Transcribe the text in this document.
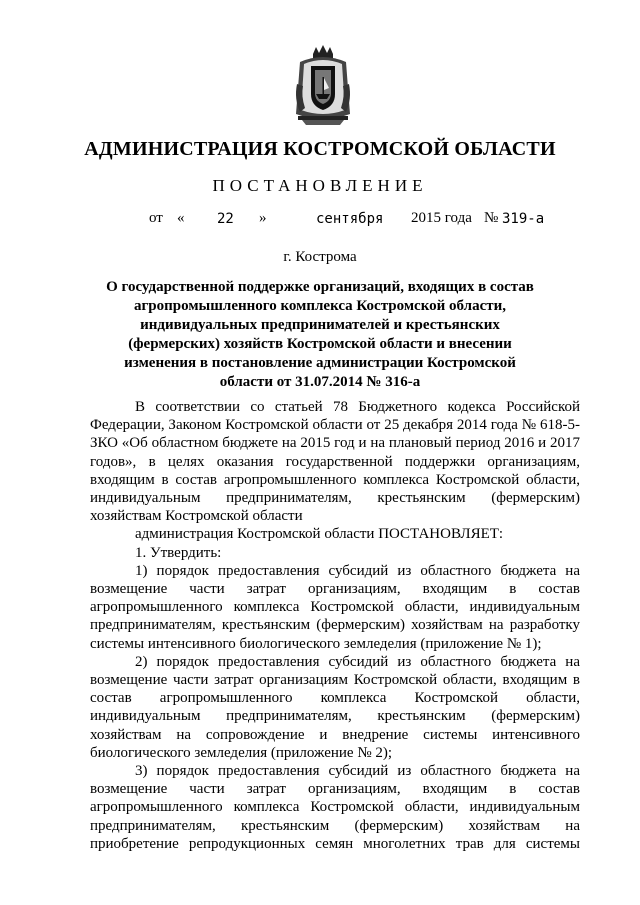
АДМИНИСТРАЦИЯ КОСТРОМСКОЙ ОБЛАСТИ
ПОСТАНОВЛЕНИЕ
от « 22 »	сентября 2015 года № 319-а
г. Кострома
О государственной поддержке организаций, входящих в состав агропромышленного комплекса Костромской области, индивидуальных предпринимателей и крестьянских (фермерских) хозяйств Костромской области и внесении изменения в постановление администрации Костромской области от 31.07.2014 № 316-а

В соответствии со статьей 78 Бюджетного кодекса Российской Федерации, Законом Костромской области от 25 декабря 2014 года № 618-5-ЗКО «Об областном бюджете на 2015 год и на плановый период 2016 и 2017 годов», в целях оказания государственной поддержки организациям, входящим в состав агропромышленного комплекса Костромской области, индивидуальным предпринимателям, крестьянским (фермерским) хозяйствам Костромской области

администрация Костромской области ПОСТАНОВЛЯЕТ:

1. Утвердить:

1) порядок предоставления субсидий из областного бюджета на возмещение части затрат организациям, входящим в состав агропромышленного комплекса Костромской области, индивидуальным предпринимателям, крестьянским (фермерским) хозяйствам на разработку системы интенсивного биологического земледелия (приложение № 1);

2) порядок предоставления субсидий из областного бюджета на возмещение части затрат организациям Костромской области, входящим в состав агропромышленного комплекса Костромской области, индивидуальным предпринимателям, крестьянским (фермерским) хозяйствам на сопровождение и внедрение системы интенсивного биологического земледелия (приложение № 2);

3) порядок предоставления субсидий из областного бюджета на возмещение части затрат организациям, входящим в состав агропромышленного комплекса Костромской области, индивидуальным предпринимателям, крестьянским (фермерским) хозяйствам на приобретение репродукционных семян многолетних трав для системы
